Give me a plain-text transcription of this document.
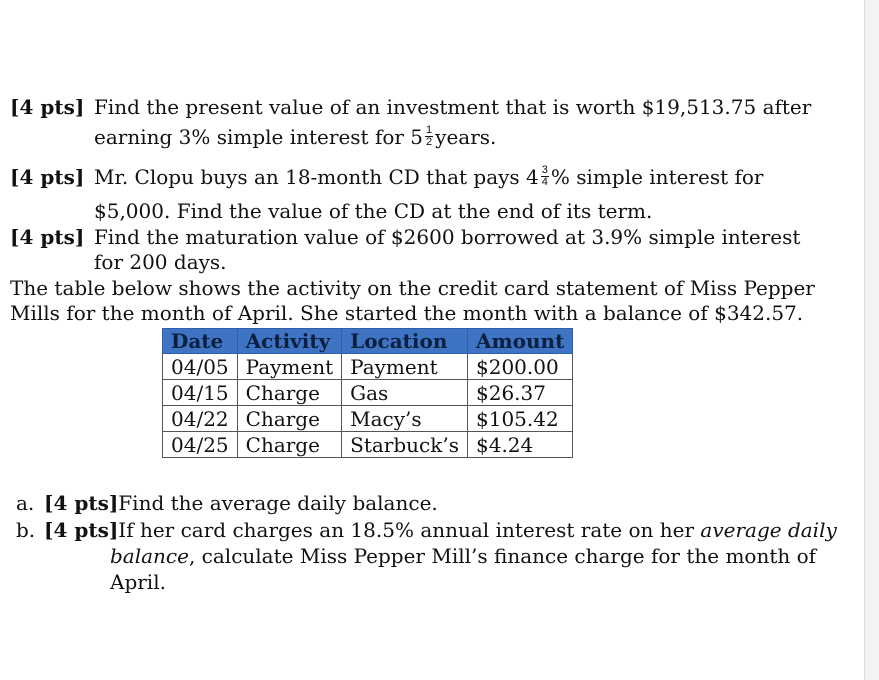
[4 pts] Find the present value of an investment that is worth $19,513.75 after
earning 3% simple interest for $5 \frac{1}{2}$ years.
[4 pts] Mr. Clopu buys an 18-month CD that pays $4 \frac{3}{4}$ % simple interest for
$5,000. Find the value of the CD at the end of its term.
[4 pts] Find the maturation value of $2600 borrowed at 3.9% simple interest
for 200 days.
The table below shows the activity on the credit card statement of Miss Pepper
Mills for the month of April. She started the month with a balance of $342.57.
Date	Activity	Location	Amount
04/05	Payment	Payment	$200.00
04/15	Charge	Gas	$26.37
04/22	Charge	Macy’s	$105.42
04/25	Charge	Starbuck’s	$4.24
a. [4 pts]Find the average daily balance.
b. [4 pts]If her card charges an 18.5% annual interest rate on her average daily
balance, calculate Miss Pepper Mill’s finance charge for the month of
April.
